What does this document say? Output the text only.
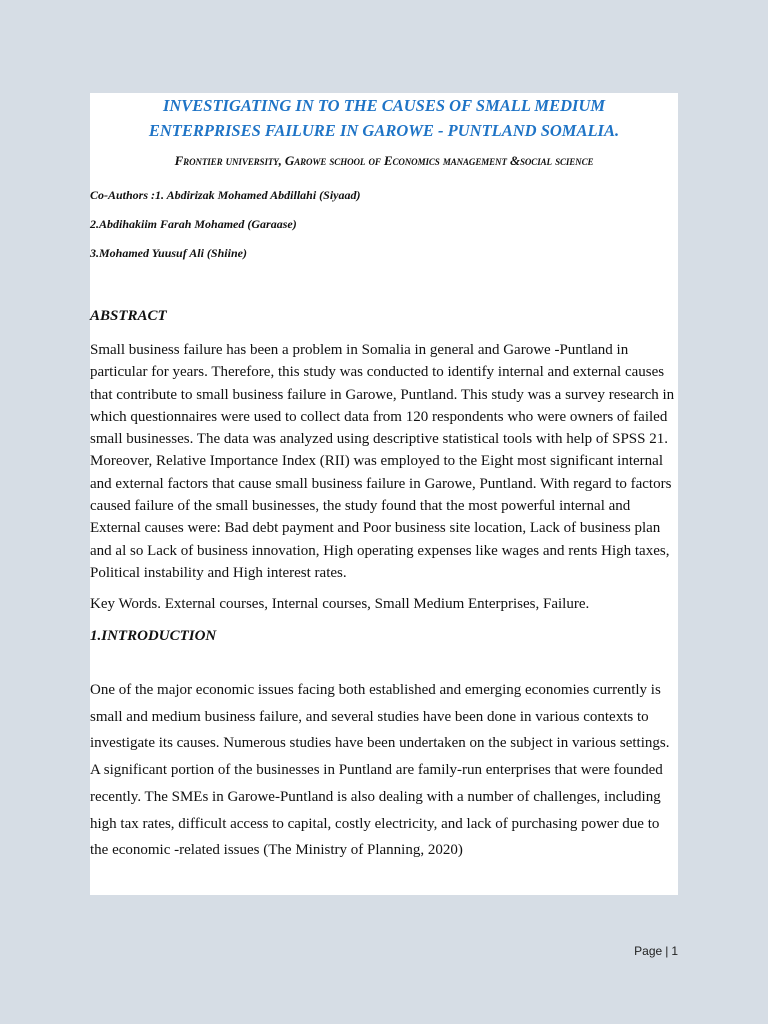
INVESTIGATING IN TO THE CAUSES OF SMALL MEDIUM
ENTERPRISES FAILURE IN GAROWE - PUNTLAND SOMALIA.
Frontier university, Garowe school of Economics management &social science
Co-Authors :1. Abdirizak Mohamed Abdillahi (Siyaad)
2.Abdihakiim Farah Mohamed (Garaase)
3.Mohamed Yuusuf Ali (Shiine)
ABSTRACT
Small business failure has been a problem in Somalia in general and Garowe -Puntland in particular for years. Therefore, this study was conducted to identify internal and external causes that contribute to small business failure in Garowe, Puntland. This study was a survey research in which questionnaires were used to collect data from 120 respondents who were owners of failed small businesses. The data was analyzed using descriptive statistical tools with help of SPSS 21. Moreover, Relative Importance Index (RII) was employed to the Eight most significant internal and external factors that cause small business failure in Garowe, Puntland. With regard to factors caused failure of the small businesses, the study found that the most powerful internal and External causes were: Bad debt payment and Poor business site location, Lack of business plan and al so Lack of business innovation, High operating expenses like wages and rents High taxes, Political instability and High interest rates.
Key Words. External courses, Internal courses, Small Medium Enterprises, Failure.
1.INTRODUCTION
One of the major economic issues facing both established and emerging economies currently is small and medium business failure, and several studies have been done in various contexts to investigate its causes. Numerous studies have been undertaken on the subject in various settings. A significant portion of the businesses in Puntland are family-run enterprises that were founded recently. The SMEs in Garowe-Puntland is also dealing with a number of challenges, including high tax rates, difficult access to capital, costly electricity, and lack of purchasing power due to the economic -related issues (The Ministry of Planning, 2020)
Page | 1
